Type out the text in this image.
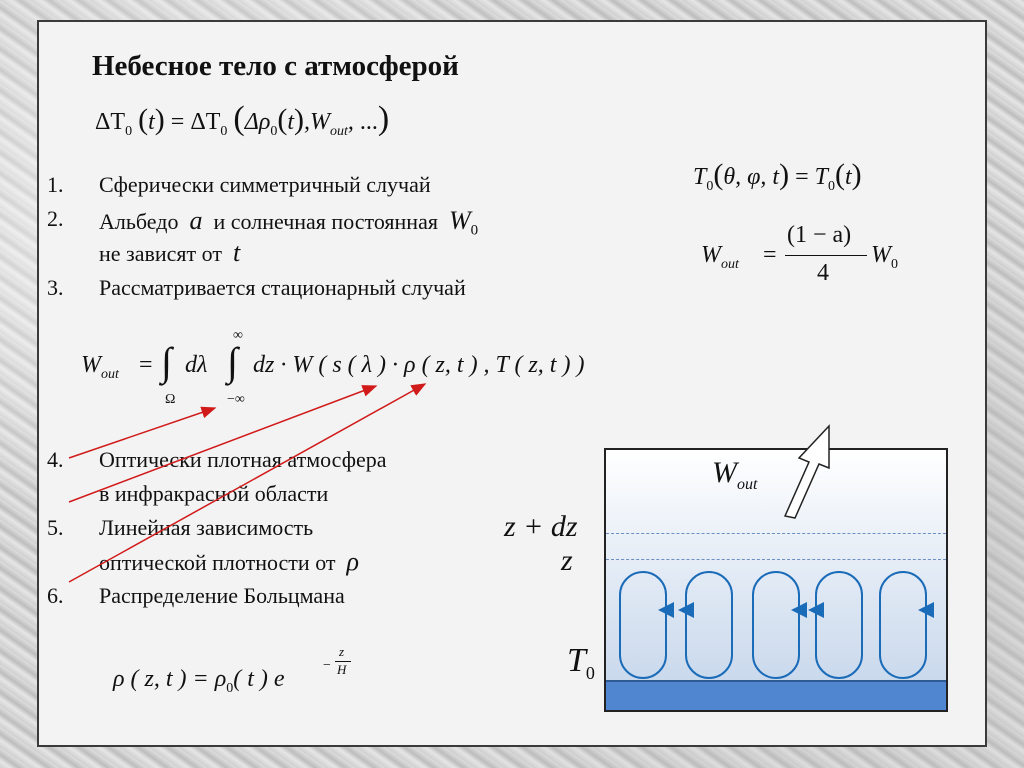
Небесное тело с атмосферой
$\Delta T_0$ $(t) = \Delta T_0$ ($\Delta\rho_0(t),W_{out}$, ...)
1. Сферически симметричный случай
2. Альбедо a и солнечная постоянная $W_0$
не зависят от t
3. Рассматривается стационарный случай
$T_0(\theta$, φ, $t) = T_0(t)$
$W_{out}$ =
(1 − a)
4
$W_0$
$W_{out}$ = ∫
Ω
dλ ∫
∞
−∞
dz · W ( s ( λ ) · ρ ( z, t ) , T ( z, t ) )
4. Оптически плотная атмосфера
в инфракрасной области
5. Линейная зависимость
оптической плотности от ρ
6. Распределение Больцмана
ρ ( z, t ) = $\rho_0$( t ) e
−
z
H
$W_{out}$
z + dz
z
$T_0$
